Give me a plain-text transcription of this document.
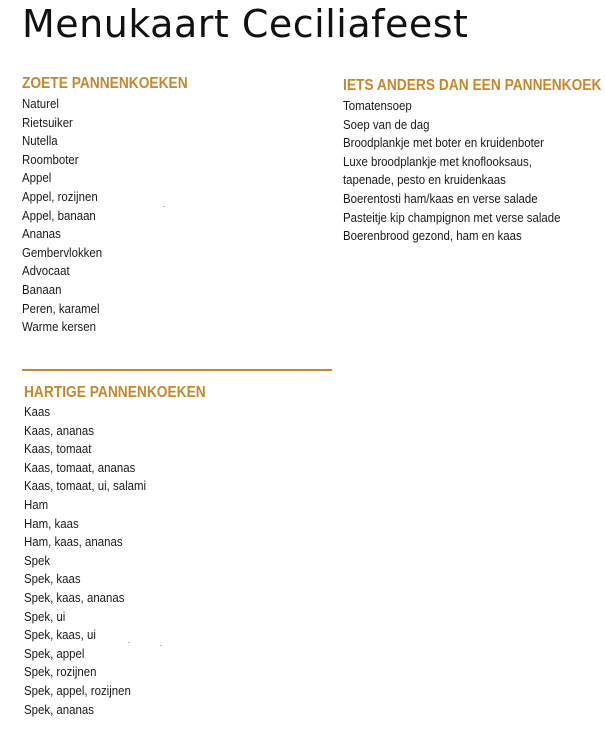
Menukaart Ceciliafeest
ZOETE PANNENKOEKEN
Naturel
Rietsuiker
Nutella
Roomboter
Appel
Appel, rozijnen
Appel, banaan
Ananas
Gembervlokken
Advocaat
Banaan
Peren, karamel
Warme kersen
IETS ANDERS DAN EEN PANNENKOEK
Tomatensoep
Soep van de dag
Broodplankje met boter en kruidenboter
Luxe broodplankje met knoflooksaus,
tapenade, pesto en kruidenkaas
Boerentosti ham/kaas en verse salade
Pasteitje kip champignon met verse salade
Boerenbrood gezond, ham en kaas
HARTIGE PANNENKOEKEN
Kaas
Kaas, ananas
Kaas, tomaat
Kaas, tomaat, ananas
Kaas, tomaat, ui, salami
Ham
Ham, kaas
Ham, kaas, ananas
Spek
Spek, kaas
Spek, kaas, ananas
Spek, ui
Spek, kaas, ui
Spek, appel
Spek, rozijnen
Spek, appel, rozijnen
Spek, ananas
